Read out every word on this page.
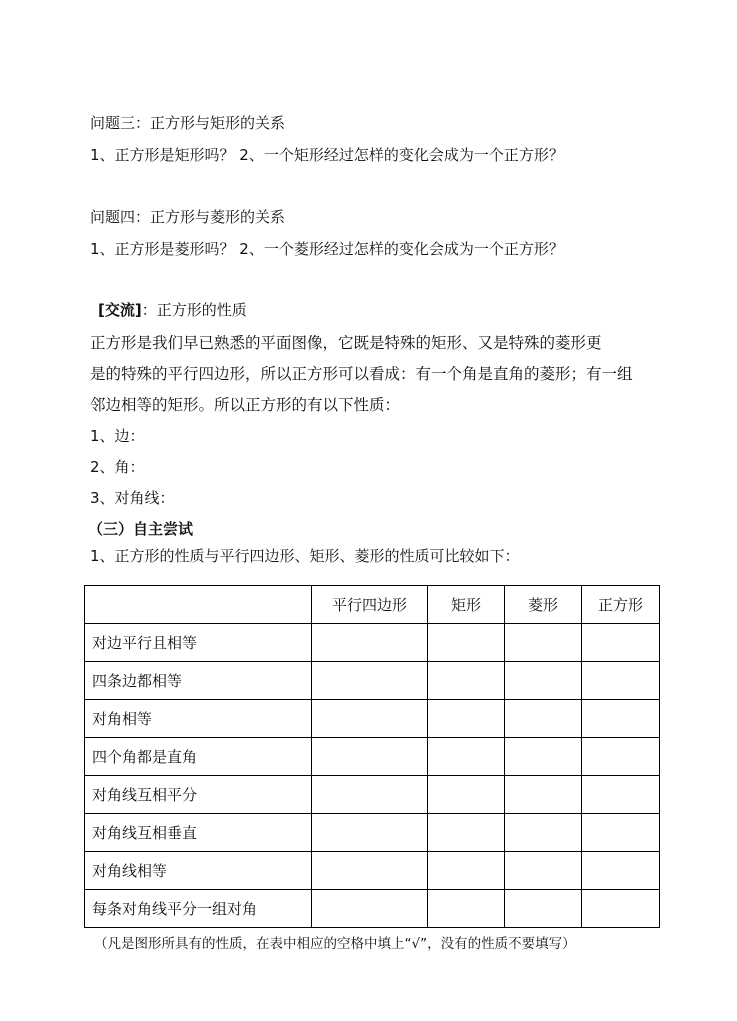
问题三：正方形与矩形的关系
1、正方形是矩形吗？ 2、一个矩形经过怎样的变化会成为一个正方形？
问题四：正方形与菱形的关系
1、正方形是菱形吗？ 2、一个菱形经过怎样的变化会成为一个正方形？
[交流]：正方形的性质
正方形是我们早已熟悉的平面图像，它既是特殊的矩形、又是特殊的菱形更
是的特殊的平行四边形，所以正方形可以看成：有一个角是直角的菱形；有一组
邻边相等的矩形。所以正方形的有以下性质：
1、边：
2、角：
3、对角线：
（三）自主尝试
1、正方形的性质与平行四边形、矩形、菱形的性质可比较如下：
	平行四边形	矩形	菱形	正方形
对边平行且相等				
四条边都相等				
对角相等				
四个角都是直角				
对角线互相平分				
对角线互相垂直				
对角线相等				
每条对角线平分一组对角				
（凡是图形所具有的性质，在表中相应的空格中填上“√”，没有的性质不要填写）
